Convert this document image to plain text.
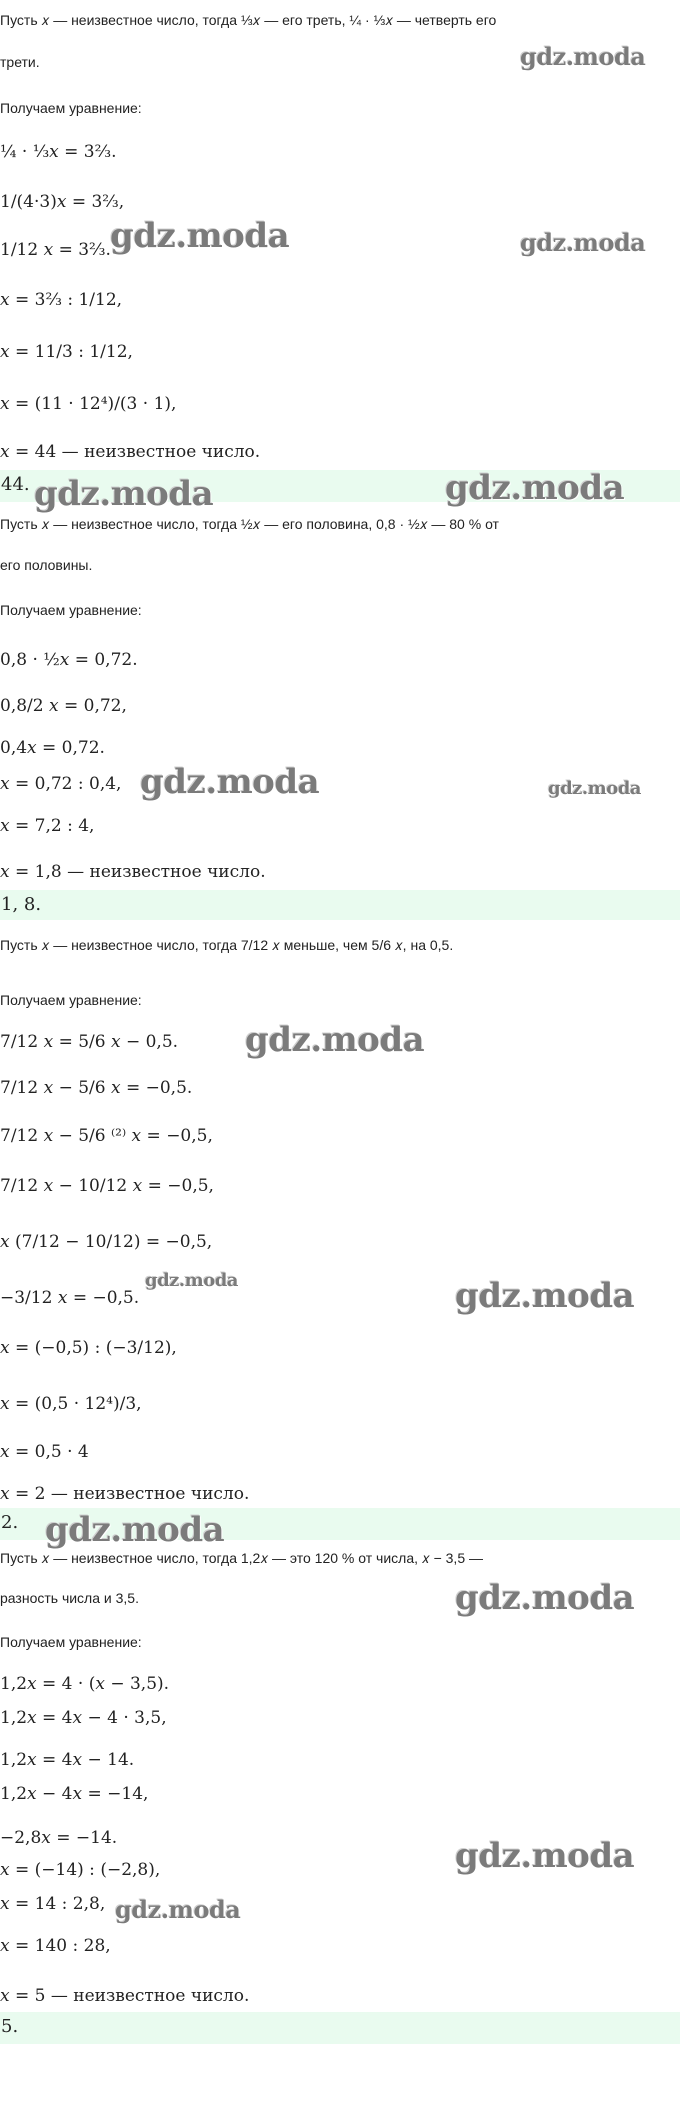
Пусть 𝑥 — неизвестное число, тогда ⅓𝑥 — его треть, ¼ · ⅓𝑥 — четверть его
трети.
Получаем уравнение:
¼ · ⅓𝑥 = 3⅔.
1/(4·3)𝑥 = 3⅔,
1/12 𝑥 = 3⅔.
𝑥 = 3⅔ : 1/12,
𝑥 = 11/3 : 1/12,
𝑥 = (11 · 12⁴)/(3 · 1),
𝑥 = 44 — неизвестное число.
44.
Пусть 𝑥 — неизвестное число, тогда ½𝑥 — его половина, 0,8 · ½𝑥 — 80 % от
его половины.
Получаем уравнение:
0,8 · ½𝑥 = 0,72.
0,8/2 𝑥 = 0,72,
0,4𝑥 = 0,72.
𝑥 = 0,72 : 0,4,
𝑥 = 7,2 : 4,
𝑥 = 1,8 — неизвестное число.
1, 8.
Пусть 𝑥 — неизвестное число, тогда 7/12 𝑥 меньше, чем 5/6 𝑥, на 0,5.
Получаем уравнение:
7/12 𝑥 = 5/6 𝑥 − 0,5.
7/12 𝑥 − 5/6 𝑥 = −0,5.
7/12 𝑥 − 5/6 ⁽²⁾ 𝑥 = −0,5,
7/12 𝑥 − 10/12 𝑥 = −0,5,
𝑥 (7/12 − 10/12) = −0,5,
−3/12 𝑥 = −0,5.
𝑥 = (−0,5) : (−3/12),
𝑥 = (0,5 · 12⁴)/3,
𝑥 = 0,5 · 4
𝑥 = 2 — неизвестное число.
2.
Пусть 𝑥 — неизвестное число, тогда 1,2𝑥 — это 120 % от числа, 𝑥 − 3,5 —
разность числа и 3,5.
Получаем уравнение:
1,2𝑥 = 4 · (𝑥 − 3,5).
1,2𝑥 = 4𝑥 − 4 · 3,5,
1,2𝑥 = 4𝑥 − 14.
1,2𝑥 − 4𝑥 = −14,
−2,8𝑥 = −14.
𝑥 = (−14) : (−2,8),
𝑥 = 14 : 2,8,
𝑥 = 140 : 28,
𝑥 = 5 — неизвестное число.
5.
gdz.moda
gdz.moda	gdz.moda
gdz.moda	gdz.moda
gdz.moda	gdz.moda
gdz.moda
gdz.moda	gdz.moda
gdz.moda
gdz.moda
gdz.moda
gdz.moda
